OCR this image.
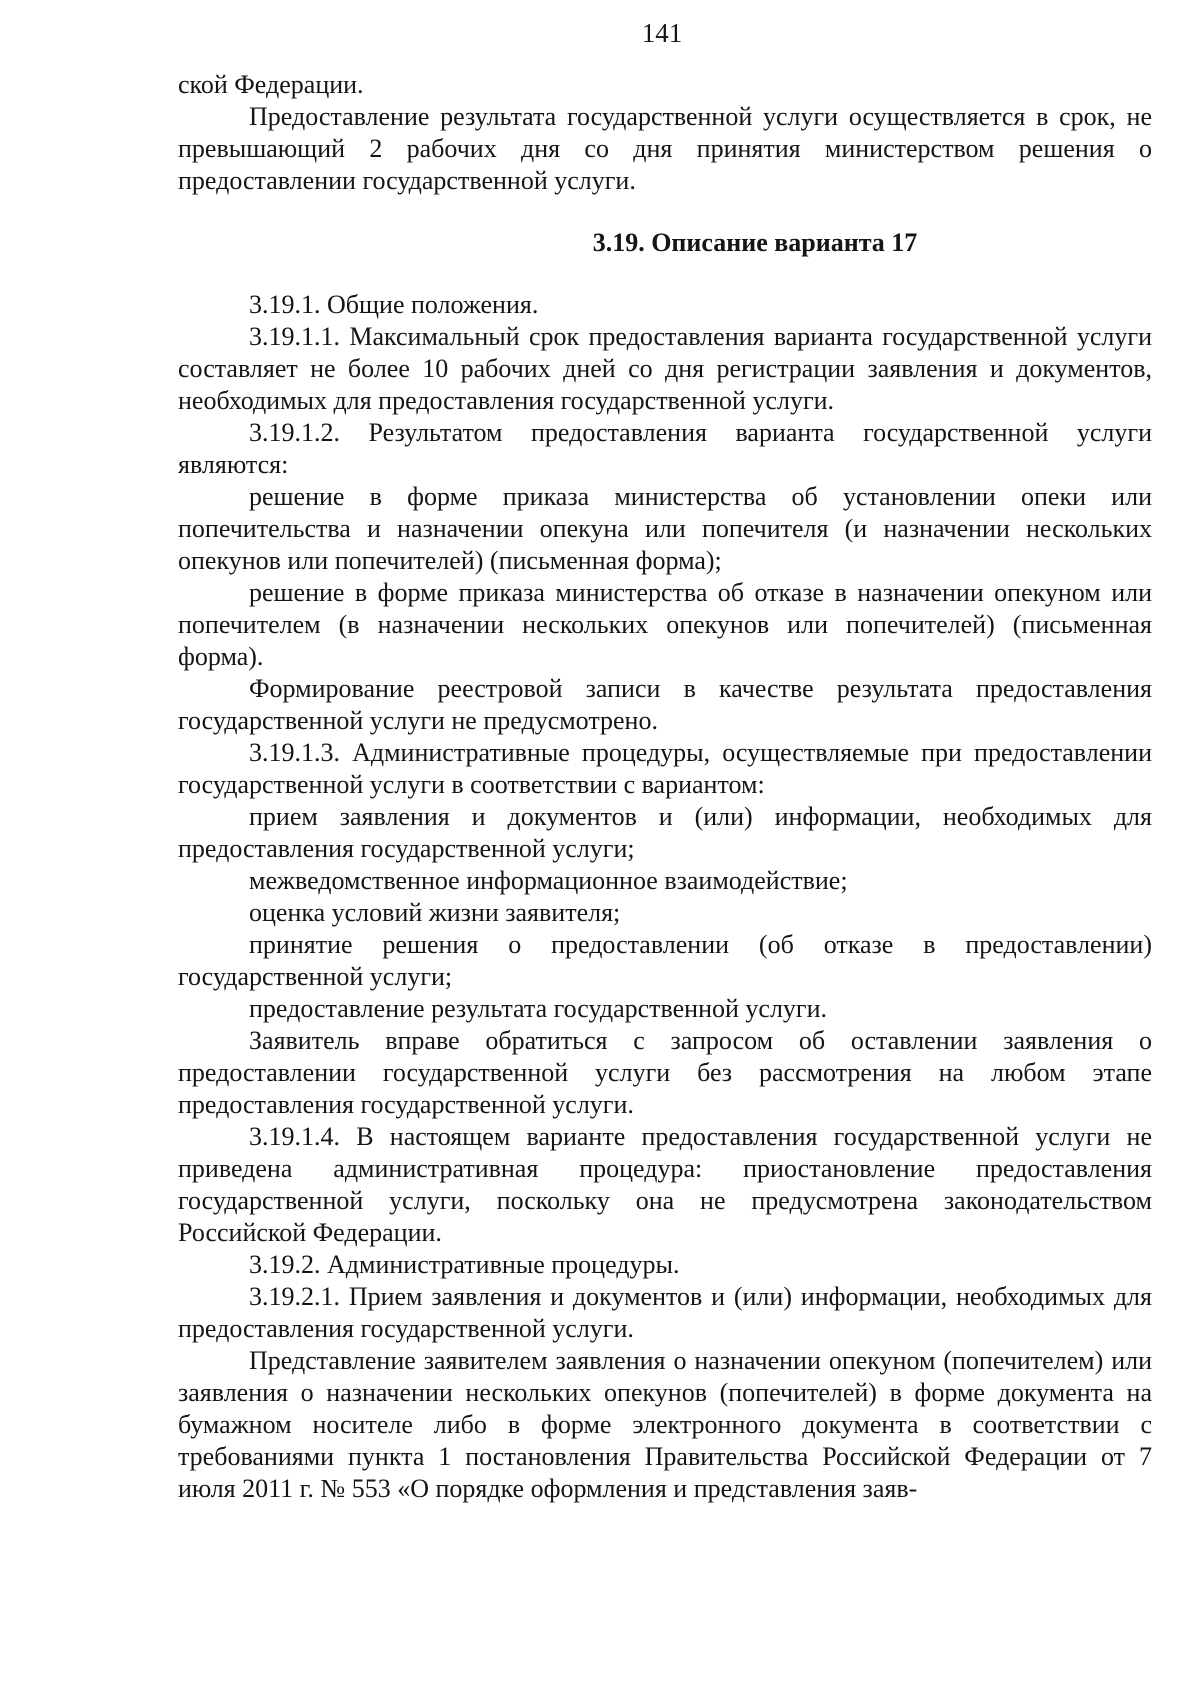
141

ской Федерации.

Предоставление результата государственной услуги осуществляется в срок, не превышающий 2 рабочих дня со дня принятия министерством решения о предоставлении государственной услуги.

3.19. Описание варианта 17

3.19.1. Общие положения.

3.19.1.1. Максимальный срок предоставления варианта государственной услуги составляет не более 10 рабочих дней со дня регистрации заявления и документов, необходимых для предоставления государственной услуги.

3.19.1.2. Результатом предоставления варианта государственной услуги являются:

решение в форме приказа министерства об установлении опеки или попечительства и назначении опекуна или попечителя (и назначении нескольких опекунов или попечителей) (письменная форма);

решение в форме приказа министерства об отказе в назначении опекуном или попечителем (в назначении нескольких опекунов или попечителей) (письменная форма).

Формирование реестровой записи в качестве результата предоставления государственной услуги не предусмотрено.

3.19.1.3. Административные процедуры, осуществляемые при предоставлении государственной услуги в соответствии с вариантом:

прием заявления и документов и (или) информации, необходимых для предоставления государственной услуги;

межведомственное информационное взаимодействие;

оценка условий жизни заявителя;

принятие решения о предоставлении (об отказе в предоставлении) государственной услуги;

предоставление результата государственной услуги.

Заявитель вправе обратиться с запросом об оставлении заявления о предоставлении государственной услуги без рассмотрения на любом этапе предоставления государственной услуги.

3.19.1.4. В настоящем варианте предоставления государственной услуги не приведена административная процедура: приостановление предоставления государственной услуги, поскольку она не предусмотрена законодательством Российской Федерации.

3.19.2. Административные процедуры.

3.19.2.1. Прием заявления и документов и (или) информации, необходимых для предоставления государственной услуги.

Представление заявителем заявления о назначении опекуном (попечителем) или заявления о назначении нескольких опекунов (попечителей) в форме документа на бумажном носителе либо в форме электронного документа в соответствии с требованиями пункта 1 постановления Правительства Российской Федерации от 7 июля 2011 г. № 553 «О порядке оформления и представления заяв-
